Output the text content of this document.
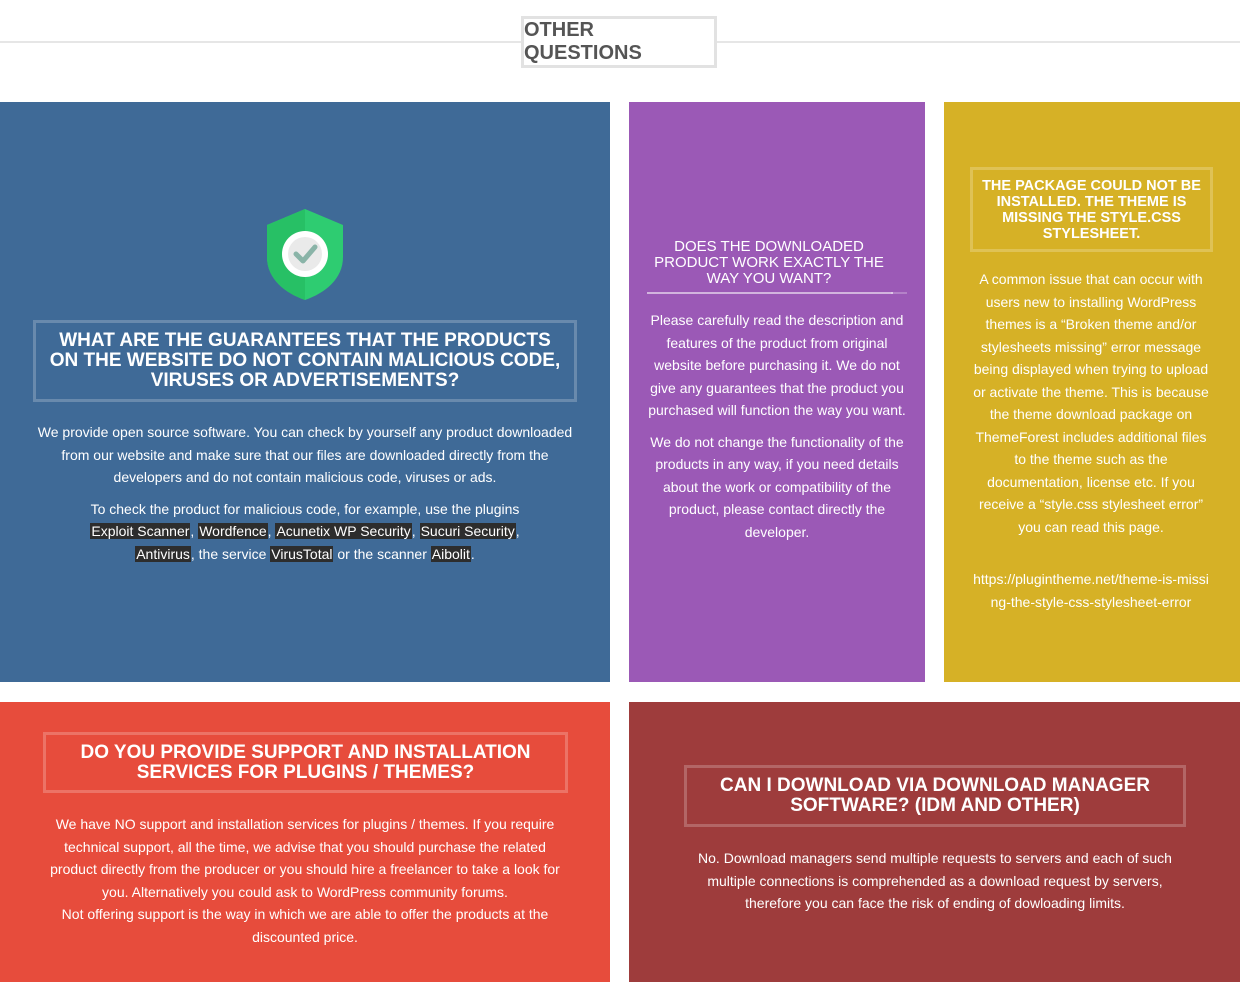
OTHER QUESTIONS
WHAT ARE THE GUARANTEES THAT THE PRODUCTS ON THE WEBSITE DO NOT CONTAIN MALICIOUS CODE, VIRUSES OR ADVERTISEMENTS?

We provide open source software. You can check by yourself any product downloaded from our website and make sure that our files are downloaded directly from the developers and do not contain malicious code, viruses or ads.

To check the product for malicious code, for example, use the plugins Exploit Scanner, Wordfence, Acunetix WP Security, Sucuri Security, Antivirus, the service VirusTotal or the scanner Aibolit.

DOES THE DOWNLOADED PRODUCT WORK EXACTLY THE WAY YOU WANT?

Please carefully read the description and features of the product from original website before purchasing it. We do not give any guarantees that the product you purchased will function the way you want.

We do not change the functionality of the products in any way, if you need details about the work or compatibility of the product, please contact directly the developer.

THE PACKAGE COULD NOT BE INSTALLED. THE THEME IS MISSING THE STYLE.CSS STYLESHEET.

A common issue that can occur with users new to installing WordPress themes is a “Broken theme and/or stylesheets missing” error message being displayed when trying to upload or activate the theme. This is because the theme download package on ThemeForest includes additional files to the theme such as the documentation, license etc. If you receive a “style.css stylesheet error” you can read this page.

https://plugintheme.net/theme-is-missing-the-style-css-stylesheet-error

DO YOU PROVIDE SUPPORT AND INSTALLATION SERVICES FOR PLUGINS / THEMES?

We have NO support and installation services for plugins / themes. If you require technical support, all the time, we advise that you should purchase the related product directly from the producer or you should hire a freelancer to take a look for you. Alternatively you could ask to WordPress community forums.

Not offering support is the way in which we are able to offer the products at the discounted price.

CAN I DOWNLOAD VIA DOWNLOAD MANAGER SOFTWARE? (IDM AND OTHER)

No. Download managers send multiple requests to servers and each of such multiple connections is comprehended as a download request by servers, therefore you can face the risk of ending of dowloading limits.
